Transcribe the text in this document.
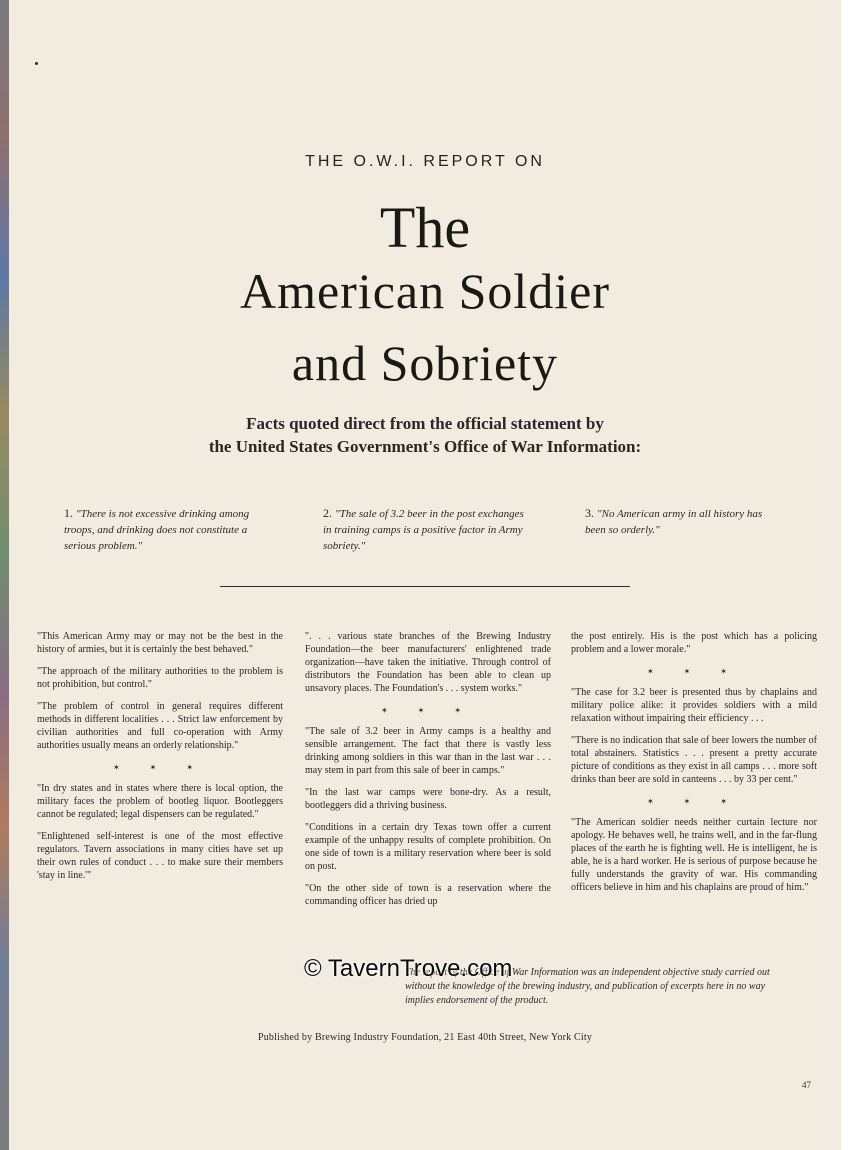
THE O.W.I. REPORT ON
The
American Soldier
and Sobriety
Facts quoted direct from the official statement by
the United States Government's Office of War Information:
1. "There is not excessive drinking among troops, and drinking does not constitute a serious problem."
2. "The sale of 3.2 beer in the post exchanges in training camps is a positive factor in Army sobriety."
3. "No American army in all history has been so orderly."

"This American Army may or may not be the best in the history of armies, but it is certainly the best behaved."

"The approach of the military authorities to the problem is not prohibition, but control."

"The problem of control in general requires different methods in different localities . . . Strict law enforcement by civilian authorities and full co-operation with Army authorities usually means an orderly relationship."

✶ ✶ ✶

"In dry states and in states where there is local option, the military faces the problem of bootleg liquor. Bootleggers cannot be regulated; legal dispensers can be regulated."

"Enlightened self-interest is one of the most effective regulators. Tavern associations in many cities have set up their own rules of conduct . . . to make sure their members 'stay in line.'"

". . . various state branches of the Brewing Industry Foundation—the beer manufacturers' enlightened trade organization—have taken the initiative. Through control of distributors the Foundation has been able to clean up unsavory places. The Foundation's . . . system works."

✶ ✶ ✶

"The sale of 3.2 beer in Army camps is a healthy and sensible arrangement. The fact that there is vastly less drinking among soldiers in this war than in the last war . . . may stem in part from this sale of beer in camps."

"In the last war camps were bone-dry. As a result, bootleggers did a thriving business.

"Conditions in a certain dry Texas town offer a current example of the unhappy results of complete prohibition. On one side of town is a military reservation where beer is sold on post.

"On the other side of town is a reservation where the commanding officer has dried up

the post entirely. His is the post which has a policing problem and a lower morale."

✶ ✶ ✶

"The case for 3.2 beer is presented thus by chaplains and military police alike: it provides soldiers with a mild relaxation without impairing their efficiency . . .

"There is no indication that sale of beer lowers the number of total abstainers. Statistics . . . present a pretty accurate picture of conditions as they exist in all camps . . . more soft drinks than beer are sold in canteens . . . by 33 per cent."

✶ ✶ ✶

"The American soldier needs neither curtain lecture nor apology. He behaves well, he trains well, and in the far-flung places of the earth he is fighting well. He is intelligent, he is able, he is a hard worker. He is serious of purpose because he fully understands the gravity of war. His commanding officers believe in him and his chaplains are proud of him."

The report of the Office of War Information was an independent objective study carried out without the knowledge of the brewing industry, and publication of excerpts here in no way implies endorsement of the product.
© TavernTrove.com
Published by Brewing Industry Foundation, 21 East 40th Street, New York City
47
